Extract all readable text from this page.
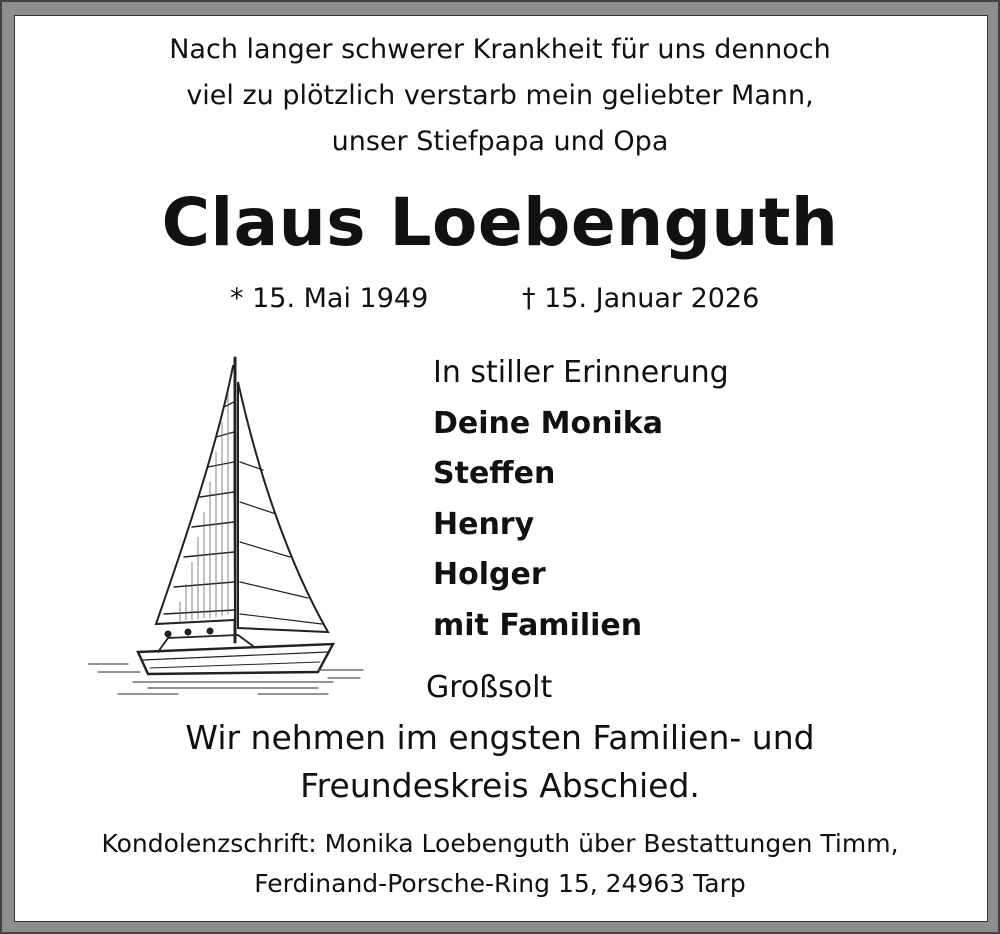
Nach langer schwerer Krankheit für uns dennoch
viel zu plötzlich verstarb mein geliebter Mann,
unser Stiefpapa und Opa
Claus Loebenguth
* 15. Mai 1949	† 15. Januar 2026
In stiller Erinnerung
Deine Monika
Steffen
Henry
Holger
mit Familien
Großsolt
Wir nehmen im engsten Familien- und
Freundeskreis Abschied.
Kondolenzschrift: Monika Loebenguth über Bestattungen Timm,
Ferdinand-Porsche-Ring 15, 24963 Tarp
